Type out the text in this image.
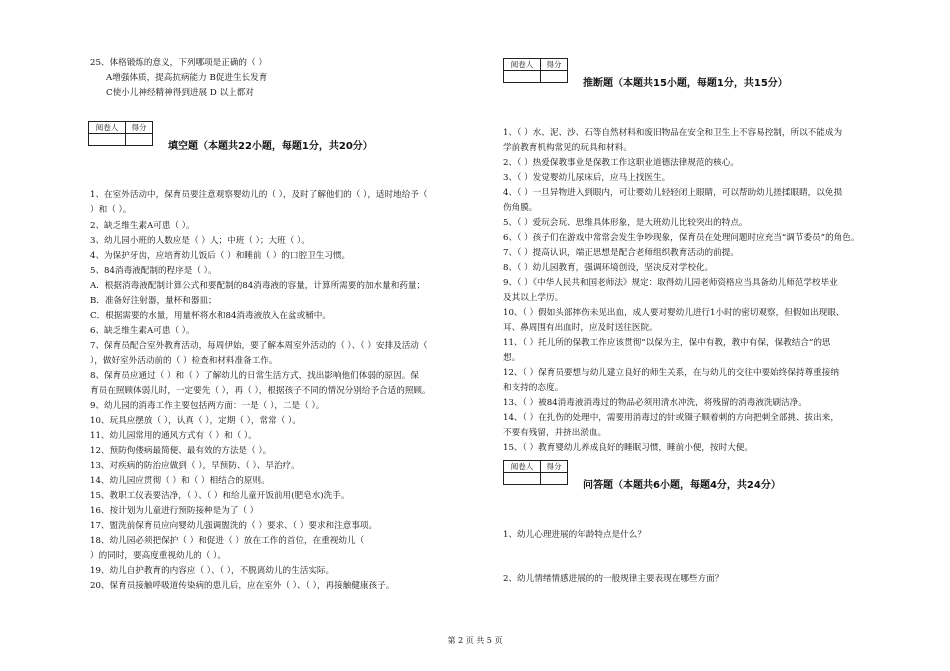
25、体格锻炼的意义，下列哪项是正确的（ ）
A增强体质，提高抗病能力 B促进生长发育
C使小儿神经精神得到进展 D 以上都对
阅卷人	得分

填空题（本题共22小题，每题1分，共20分）
1、在室外活动中，保育员要注意观察婴幼儿的（ ），及时了解他们的（ ），适时地给予（
）和（ ）。
2、缺乏维生素A可患（ ）。
3、幼儿园小班的人数应是（ ）人；中班（ ）；大班（ ）。
4、为保护牙齿，应培育幼儿饭后（ ）和睡前（ ）的口腔卫生习惯。
5、84消毒液配制的程序是（ ）。
A．根据消毒液配制计算公式和要配制的84消毒液的容量，计算所需要的加水量和药量；
B．准备好注射器，量杯和器皿；
C．根据需要的水量，用量杯将水和84消毒液放入在盆或桶中。
6、缺乏维生素A可患（ ）。
7、保育员配合室外教育活动，每周伊始，要了解本周室外活动的（ ）、（ ）安排及活动（
），做好室外活动前的（ ）检查和材料准备工作。
8、保育员应通过（ ）和（ ）了解幼儿的日常生活方式，找出影响他们体弱的原因。保
育员在照顾体弱儿时，一定要先（ ），再（ ），根据孩子不同的情况分别给予合适的照顾。
9、幼儿园的消毒工作主要包括两方面：一是（ ），二是（ ）。
10、玩具应摆放（ ），认真（ ），定期（ ），常常（ ）。
11、幼儿园常用的通风方式有（ ）和（ ）。
12、预防佝偻病最简便、最有效的方法是（ ）。
13、对疾病的防治应做到（ ），早预防、（ ）、早治疗。
14、幼儿园应贯彻（ ）和（ ）相结合的原则。
15、教职工仪表要洁净，（ ）、（ ）和给儿童开饭前用(肥皂水)洗手。
16、按计划为儿童进行预防接种是为了（ ）
17、盥洗前保育员应向婴幼儿强调盥洗的（ ）要求、（ ）要求和注意事项。
18、幼儿园必须把保护（ ）和促进（ ）放在工作的首位，在重视幼儿（
）的同时，要高度重视幼儿的（ ）。
19、幼儿自护教育的内容应（ ）、（ ），不脱离幼儿的生活实际。
20、保育员接触呼吸道传染病的患儿后，应在室外（ ）、（ ），再接触健康孩子。
阅卷人	得分

推断题（本题共15小题，每题1分，共15分）
1、（ ）水、泥、沙、石等自然材料和废旧物品在安全和卫生上不容易控制，所以不能成为
学前教育机构常见的玩具和材料。
2、（ ）热爱保教事业是保教工作这职业道德法律规范的核心。
3、（ ）发觉婴幼儿尿床后，应马上找医生。
4、（ ）一旦异物进入到眼内，可让婴幼儿轻轻闭上眼睛，可以帮助幼儿搓揉眼睛，以免损
伤角膜。
5、（ ）爱玩会玩、思维具体形象，是大班幼儿比较突出的特点。
6、（ ）孩子们在游戏中常常会发生争吵现象，保育员在处理问题时应充当“调节委员”的角色。
7、（ ）提高认识，端正思想是配合老师组织教育活动的前提。
8、（ ）幼儿园教育，强调环境创设，坚决反对学校化。
9、（ ）《中华人民共和国老师法》规定：取得幼儿园老师资格应当具备幼儿师范学校毕业
及其以上学历。
10、（ ）假如头部摔伤未见出血，成人要对婴幼儿进行1小时的密切观察，但假如出现眼、
耳、鼻周围有出血时，应及时送往医院。
11、（ ）托儿所的保教工作应该贯彻“以保为主，保中有教，教中有保，保教结合”的思
想。
12、（ ）保育员要想与幼儿建立良好的师生关系，在与幼儿的交往中要始终保持尊重接纳
和支持的态度。
13、（ ）被84消毒液消毒过的物品必须用清水冲洗，将残留的消毒液洗刷洁净。
14、（ ）在扎伤的处理中，需要用消毒过的针或镊子顺着刺的方向把刺全部挑、拔出来，
不要有残留，并挤出淤血。
15、（ ）教育婴幼儿养成良好的睡眠习惯，睡前小便，按时大便。
阅卷人	得分

问答题（本题共6小题，每题4分，共24分）
1、幼儿心理进展的年龄特点是什么？
2、幼儿情绪情感进展的的一般规律主要表现在哪些方面？
第 2 页 共 5 页
